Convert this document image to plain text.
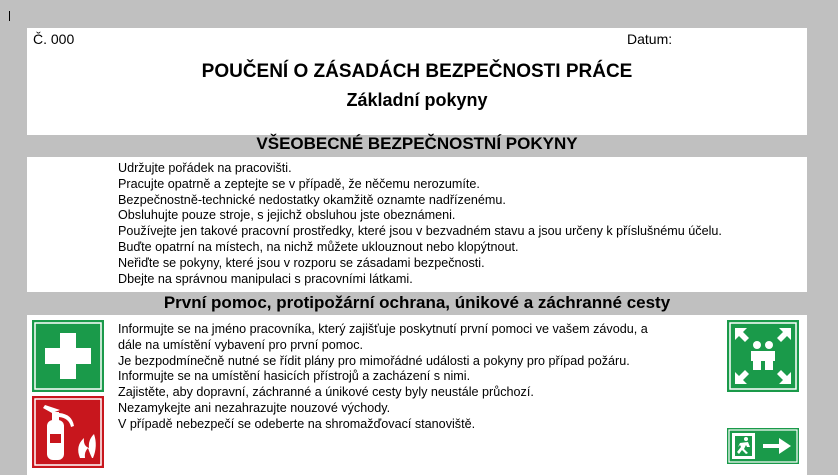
Č. 000	Datum:
POUČENÍ O ZÁSADÁCH BEZPEČNOSTI PRÁCE
Základní pokyny
VŠEOBECNÉ BEZPEČNOSTNÍ POKYNY
Udržujte pořádek na pracovišti.
Pracujte opatrně a zeptejte se v případě, že něčemu nerozumíte.
Bezpečnostně-technické nedostatky okamžitě oznamte nadřízenému.
Obsluhujte pouze stroje, s jejichž obsluhou jste obeznámeni.
Používejte jen takové pracovní prostředky, které jsou v bezvadném stavu a jsou určeny k příslušnému účelu.
Buďte opatrní na místech, na nichž můžete uklouznout nebo klopýtnout.
Neřiďte se pokyny, které jsou v rozporu se zásadami bezpečnosti.
Dbejte na správnou manipulaci s pracovními látkami.
První pomoc, protipožární ochrana, únikové a záchranné cesty

Informujte se na jméno pracovníka, který zajišťuje poskytnutí první pomoci ve vašem závodu, a

dále na umístění vybavení pro první pomoc.

Je bezpodmínečně nutné se řídit plány pro mimořádné události a pokyny pro případ požáru.

Informujte se na umístění hasicích přístrojů a zacházení s nimi.

Zajistěte, aby dopravní, záchranné a únikové cesty byly neustále průchozí.

Nezamykejte ani nezahrazujte nouzové východy.

V případě nebezpečí se odeberte na shromažďovací stanoviště.
